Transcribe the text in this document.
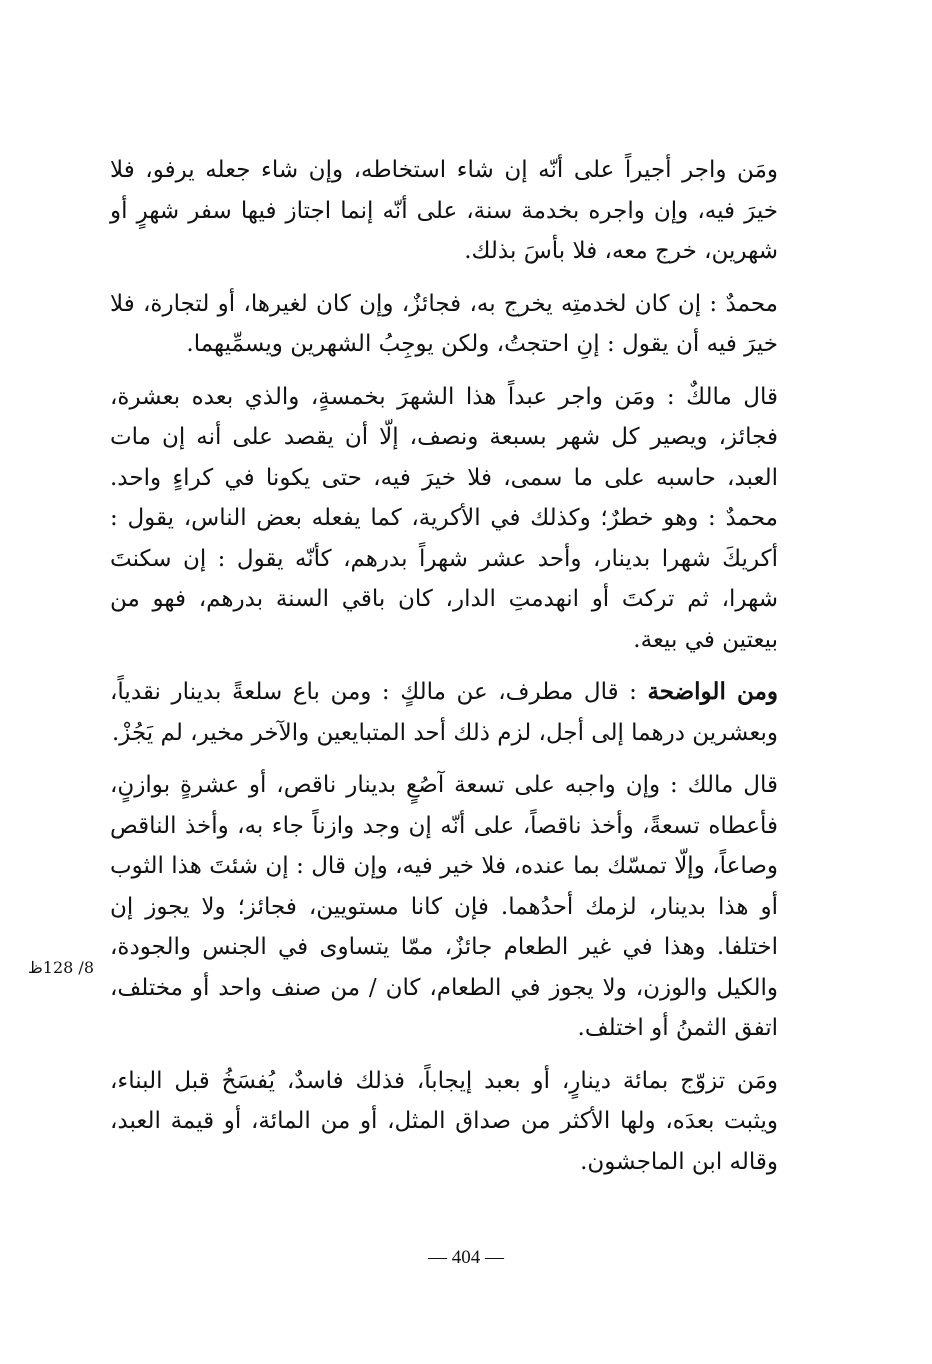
ومَن واجر أجيراً على أنّه إن شاء استخاطه، وإن شاء جعله يرفو، فلا خيرَ فيه، وإن واجره بخدمة سنة، على أنّه إنما اجتاز فيها سفر شهرٍ أو شهرين، خرج معه، فلا بأسَ بذلك.

محمدٌ : إن كان لخدمتِه يخرج به، فجائزٌ، وإن كان لغيرها، أو لتجارة، فلا خيرَ فيه أن يقول : إنِ احتجتُ، ولكن يوجِبُ الشهرين ويسمِّيهما.

قال مالكٌ : ومَن واجر عبداً هذا الشهرَ بخمسةٍ، والذي بعده بعشرة، فجائز، ويصير كل شهر بسبعة ونصف، إلّا أن يقصد على أنه إن مات العبد، حاسبه على ما سمى، فلا خيرَ فيه، حتى يكونا في كراءٍ واحد. محمدٌ : وهو خطرٌ؛ وكذلك في الأكرية، كما يفعله بعض الناس، يقول : أكريكَ شهرا بدينار، وأحد عشر شهراً بدرهم، كأنّه يقول : إن سكنتَ شهرا، ثم تركتَ أو انهدمتِ الدار، كان باقي السنة بدرهم، فهو من بيعتين في بيعة.

ومن الواضحة : قال مطرف، عن مالكٍ : ومن باع سلعةً بدينار نقدياً، وبعشرين درهما إلى أجل، لزم ذلك أحد المتبايعين والآخر مخير، لم يَجُزْ.

قال مالك : وإن واجبه على تسعة آصُعٍ بدينار ناقص، أو عشرةٍ بوازنٍ، فأعطاه تسعةً، وأخذ ناقصاً، على أنّه إن وجد وازناً جاء به، وأخذ الناقص وصاعاً، وإلّا تمسّك بما عنده، فلا خير فيه، وإن قال : إن شئتَ هذا الثوب أو هذا بدينار، لزمك أحدُهما. فإن كانا مستويين، فجائز؛ ولا يجوز إن اختلفا. وهذا في غير الطعام جائزٌ، ممّا يتساوى في الجنس والجودة، والكيل والوزن، ولا يجوز في الطعام، كان / من صنف واحد أو مختلف، اتفق الثمنُ أو اختلف.

ومَن تزوّج بمائة دينارٍ، أو بعبد إيجاباً، فذلك فاسدٌ، يُفسَخُ قبل البناء، ويثبت بعدَه، ولها الأكثر من صداق المثل، أو من المائة، أو قيمة العبد، وقاله ابن الماجشون.

8/ 128ظ
— 404 —
